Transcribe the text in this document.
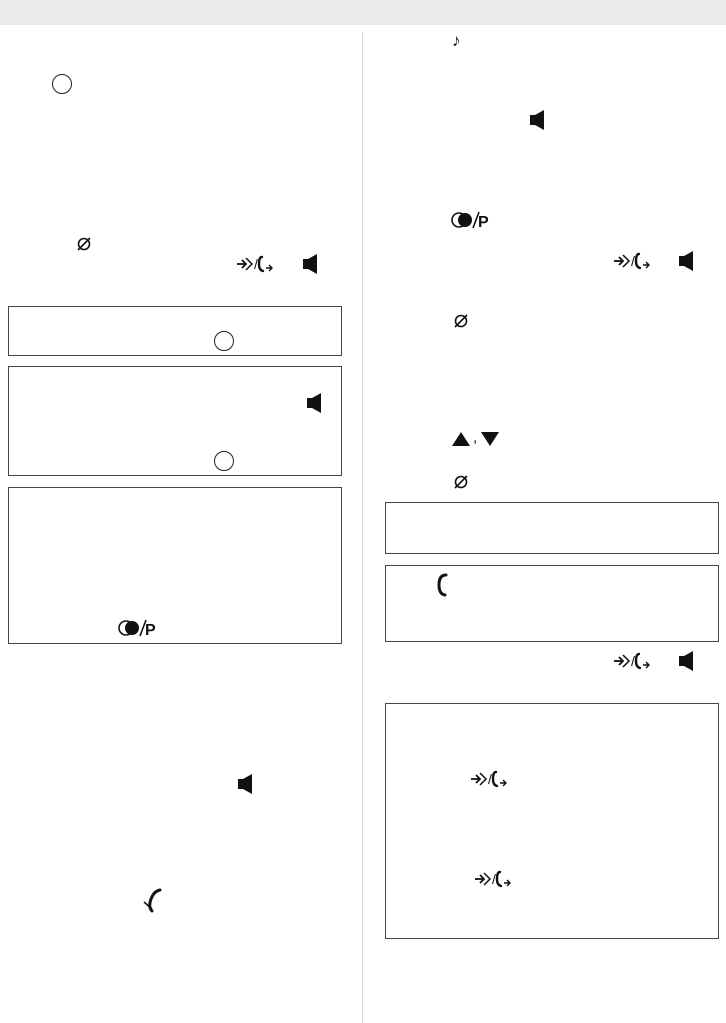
/
P
♪
P
/
,
/
/
/
